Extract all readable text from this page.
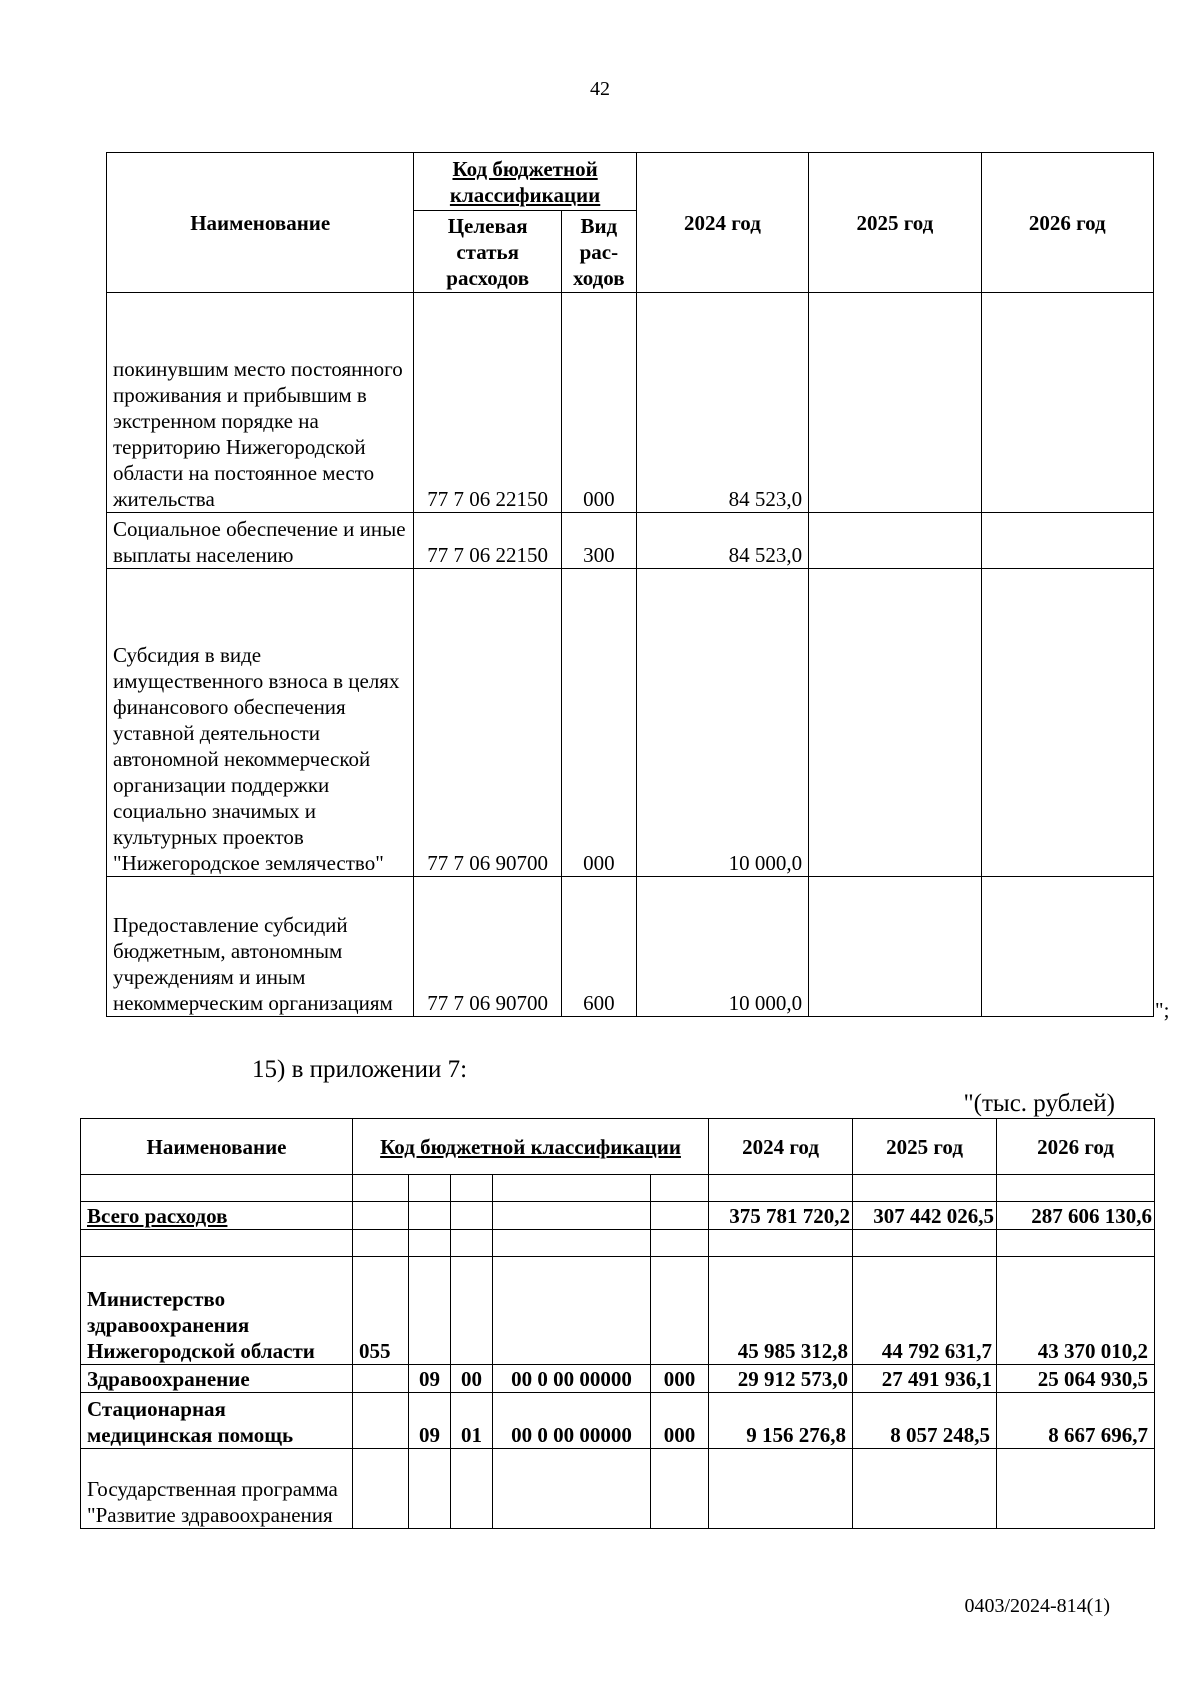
42
Наименование	Код бюджетной классификации		2024 год	2025 год	2026 год
	Целевая статья расходов	Вид рас-ходов			
покинувшим место постоянного проживания и прибывшим в экстренном порядке на территорию Нижегородской области на постоянное место жительства	77 7 06 22150	000	84 523,0		
Социальное обеспечение и иные выплаты населению	77 7 06 22150	300	84 523,0		
Субсидия в виде имущественного взноса в целях финансового обеспечения уставной деятельности автономной некоммерческой организации поддержки социально значимых и культурных проектов "Нижегородское землячество"	77 7 06 90700	000	10 000,0		
Предоставление субсидий бюджетным, автономным учреждениям и иным некоммерческим организациям	77 7 06 90700	600	10 000,0			";
15) в приложении 7:
"(тыс. рублей)
Наименование	Код бюджетной классификации					2024 год	2025 год	2026 год

Всего расходов						375 781 720,2	307 442 026,5	287 606 130,6

Министерство здравоохранения Нижегородской области	055					45 985 312,8	44 792 631,7	43 370 010,2
Здравоохранение		09	00	00 0 00 00000	000	29 912 573,0	27 491 936,1	25 064 930,5
Стационарная медицинская помощь		09	01	00 0 00 00000	000	9 156 276,8	8 057 248,5	8 667 696,7
Государственная программа "Развитие здравоохранения								
0403/2024-814(1)
